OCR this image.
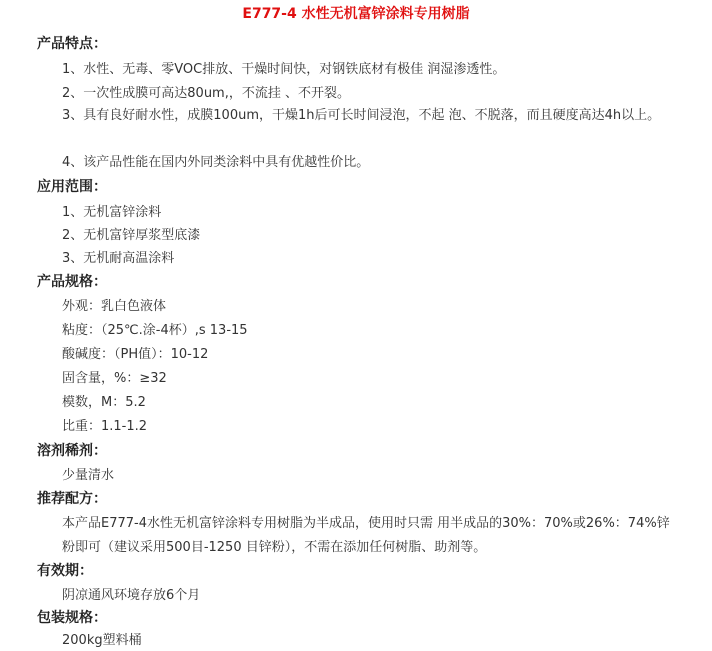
E777-4 水性无机富锌涂料专用树脂
产品特点：
1、水性、无毒、零VOC排放、干燥时间快，对钢铁底材有极佳 润湿渗透性。
2、一次性成膜可高达80um,，不流挂 、不开裂。
3、具有良好耐水性，成膜100um，干燥1h后可长时间浸泡，不起 泡、不脱落，而且硬度高达4h以上。
4、该产品性能在国内外同类涂料中具有优越性价比。
应用范围：
1、无机富锌涂料
2、无机富锌厚浆型底漆
3、无机耐高温涂料
产品规格：
外观：乳白色液体
粘度：（25℃.涂-4杯）,s 13-15
酸碱度：（PH值）：10-12
固含量，%：≥32
模数，M：5.2
比重：1.1-1.2
溶剂稀剂：
少量清水
推荐配方：
本产品E777-4水性无机富锌涂料专用树脂为半成品，使用时只需 用半成品的30%：70%或26%：74%锌粉即可（建议采用500目-1250 目锌粉），不需在添加任何树脂、助剂等。
有效期：
阴凉通风环境存放6个月
包装规格：
200kg塑料桶
